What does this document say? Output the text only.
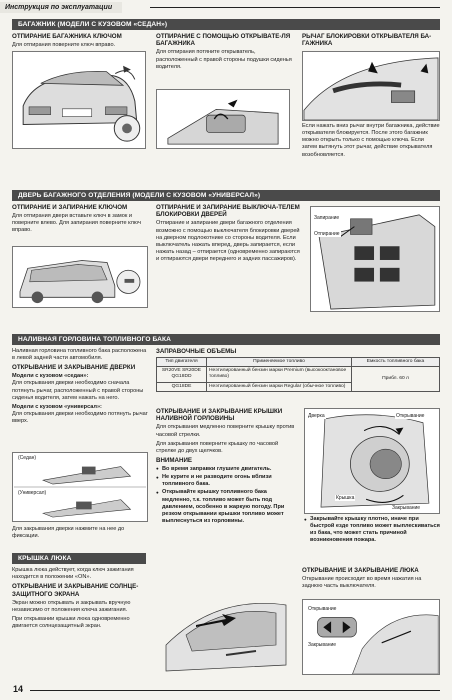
Инструкция по эксплуатации
БАГАЖНИК (МОДЕЛИ С КУЗОВОМ «СЕДАН»)
ОТПИРАНИЕ БАГАЖНИКА КЛЮЧОМ

Для отпирания поверните ключ вправо.

ОТПИРАНИЕ С ПОМОЩЬЮ ОТКРЫВАТЕ-ЛЯ БАГАЖНИКА

Для отпирания потяните открыватель, расположенный с правой стороны подушки сиденья водителя.

РЫЧАГ БЛОКИРОВКИ ОТКРЫВАТЕЛЯ БА-ГАЖНИКА

Если нажать вниз рычаг внутри багажника, действие открывателя блокируется. После этого багажник можно открыть только с помощью ключа. Если затем вытянуть этот рычаг, действие открывателя возобновляется.

ДВЕРЬ БАГАЖНОГО ОТДЕЛЕНИЯ (МОДЕЛИ С КУЗОВОМ «УНИВЕРСАЛ»)
ОТПИРАНИЕ И ЗАПИРАНИЕ КЛЮЧОМ

Для отпирания двери вставьте ключ в замок и поверните влево. Для запирания поверните ключ вправо.

ОТПИРАНИЕ И ЗАПИРАНИЕ ВЫКЛЮЧА-ТЕЛЕМ БЛОКИРОВКИ ДВЕРЕЙ

Отпирание и запирание двери багажного отделения возможно с помощью выключателя блокировки дверей на дверном подлокотнике со стороны водителя. Если выключатель нажать вперед, дверь запирается, если нажать назад – отпирается (одновременно запираются и отпираются двери переднего и задних пассажиров).

Запирание
Отпирание
НАЛИВНАЯ ГОРЛОВИНА ТОПЛИВНОГО БАКА

Наливная горловина топливного бака расположена в левой задней части автомобиля.

ОТКРЫВАНИЕ И ЗАКРЫВАНИЕ ДВЕРКИ

Модели с кузовом «седан»:
Для открывания дверки необходимо сначала потянуть рычаг, расположенный с правой стороны сиденья водителя, затем нажать на него.

Модели с кузовом «универсал»:
Для открывания дверки необходимо потянуть рычаг вверх.

(Седан)
(Универсал)

Для закрывания дверки нажмите на нее до фиксации.

ЗАПРАВОЧНЫЕ ОБЪЕМЫ
Тип двигателя	Применяемое топливо	Емкость топливного бака
SR20VE SR20DE QG18DD	Неэтилированный бензин марки Premium (высокооктановое топливо)	Прибл. 60 л
QG18DE	Неэтилированный бензин марки Regular (обычное топливо)	
ОТКРЫВАНИЕ И ЗАКРЫВАНИЕ КРЫШКИ НАЛИВНОЙ ГОРЛОВИНЫ

Для открывания медленно поверните крышку против часовой стрелки.

Для закрывания поверните крышку по часовой стрелке до двух щелчков.

ВНИМАНИЕ
● Во время заправки глушите двигатель.
● Не курите и не разводите огонь вблизи топливного бака.
● Открывайте крышку топливного бака медленно, т.к. топливо может быть под давлением, особенно в жаркую погоду. При резком открывании крышки топливо может выплеснуться из горловины.
Дверка	Открывание
Крышка
Закрывание
● Закрывайте крышку плотно, иначе при быстрой езде топливо может выплескиваться из бака, что может стать причиной возникновения пожара.
КРЫШКА ЛЮКА

Крышка люка действует, когда ключ зажигания находится в положении «ON».

ОТКРЫВАНИЕ И ЗАКРЫВАНИЕ СОЛНЦЕ-ЗАЩИТНОГО ЭКРАНА

Экран можно открывать и закрывать вручную независимо от положения ключа зажигания.

При открывании крышки люка одновременно двигается солнцезащитный экран.

ОТКРЫВАНИЕ И ЗАКРЫВАНИЕ ЛЮКА

Открывание происходит во время нажатия на заднюю часть выключателя.

Открывание
Закрывание
14
